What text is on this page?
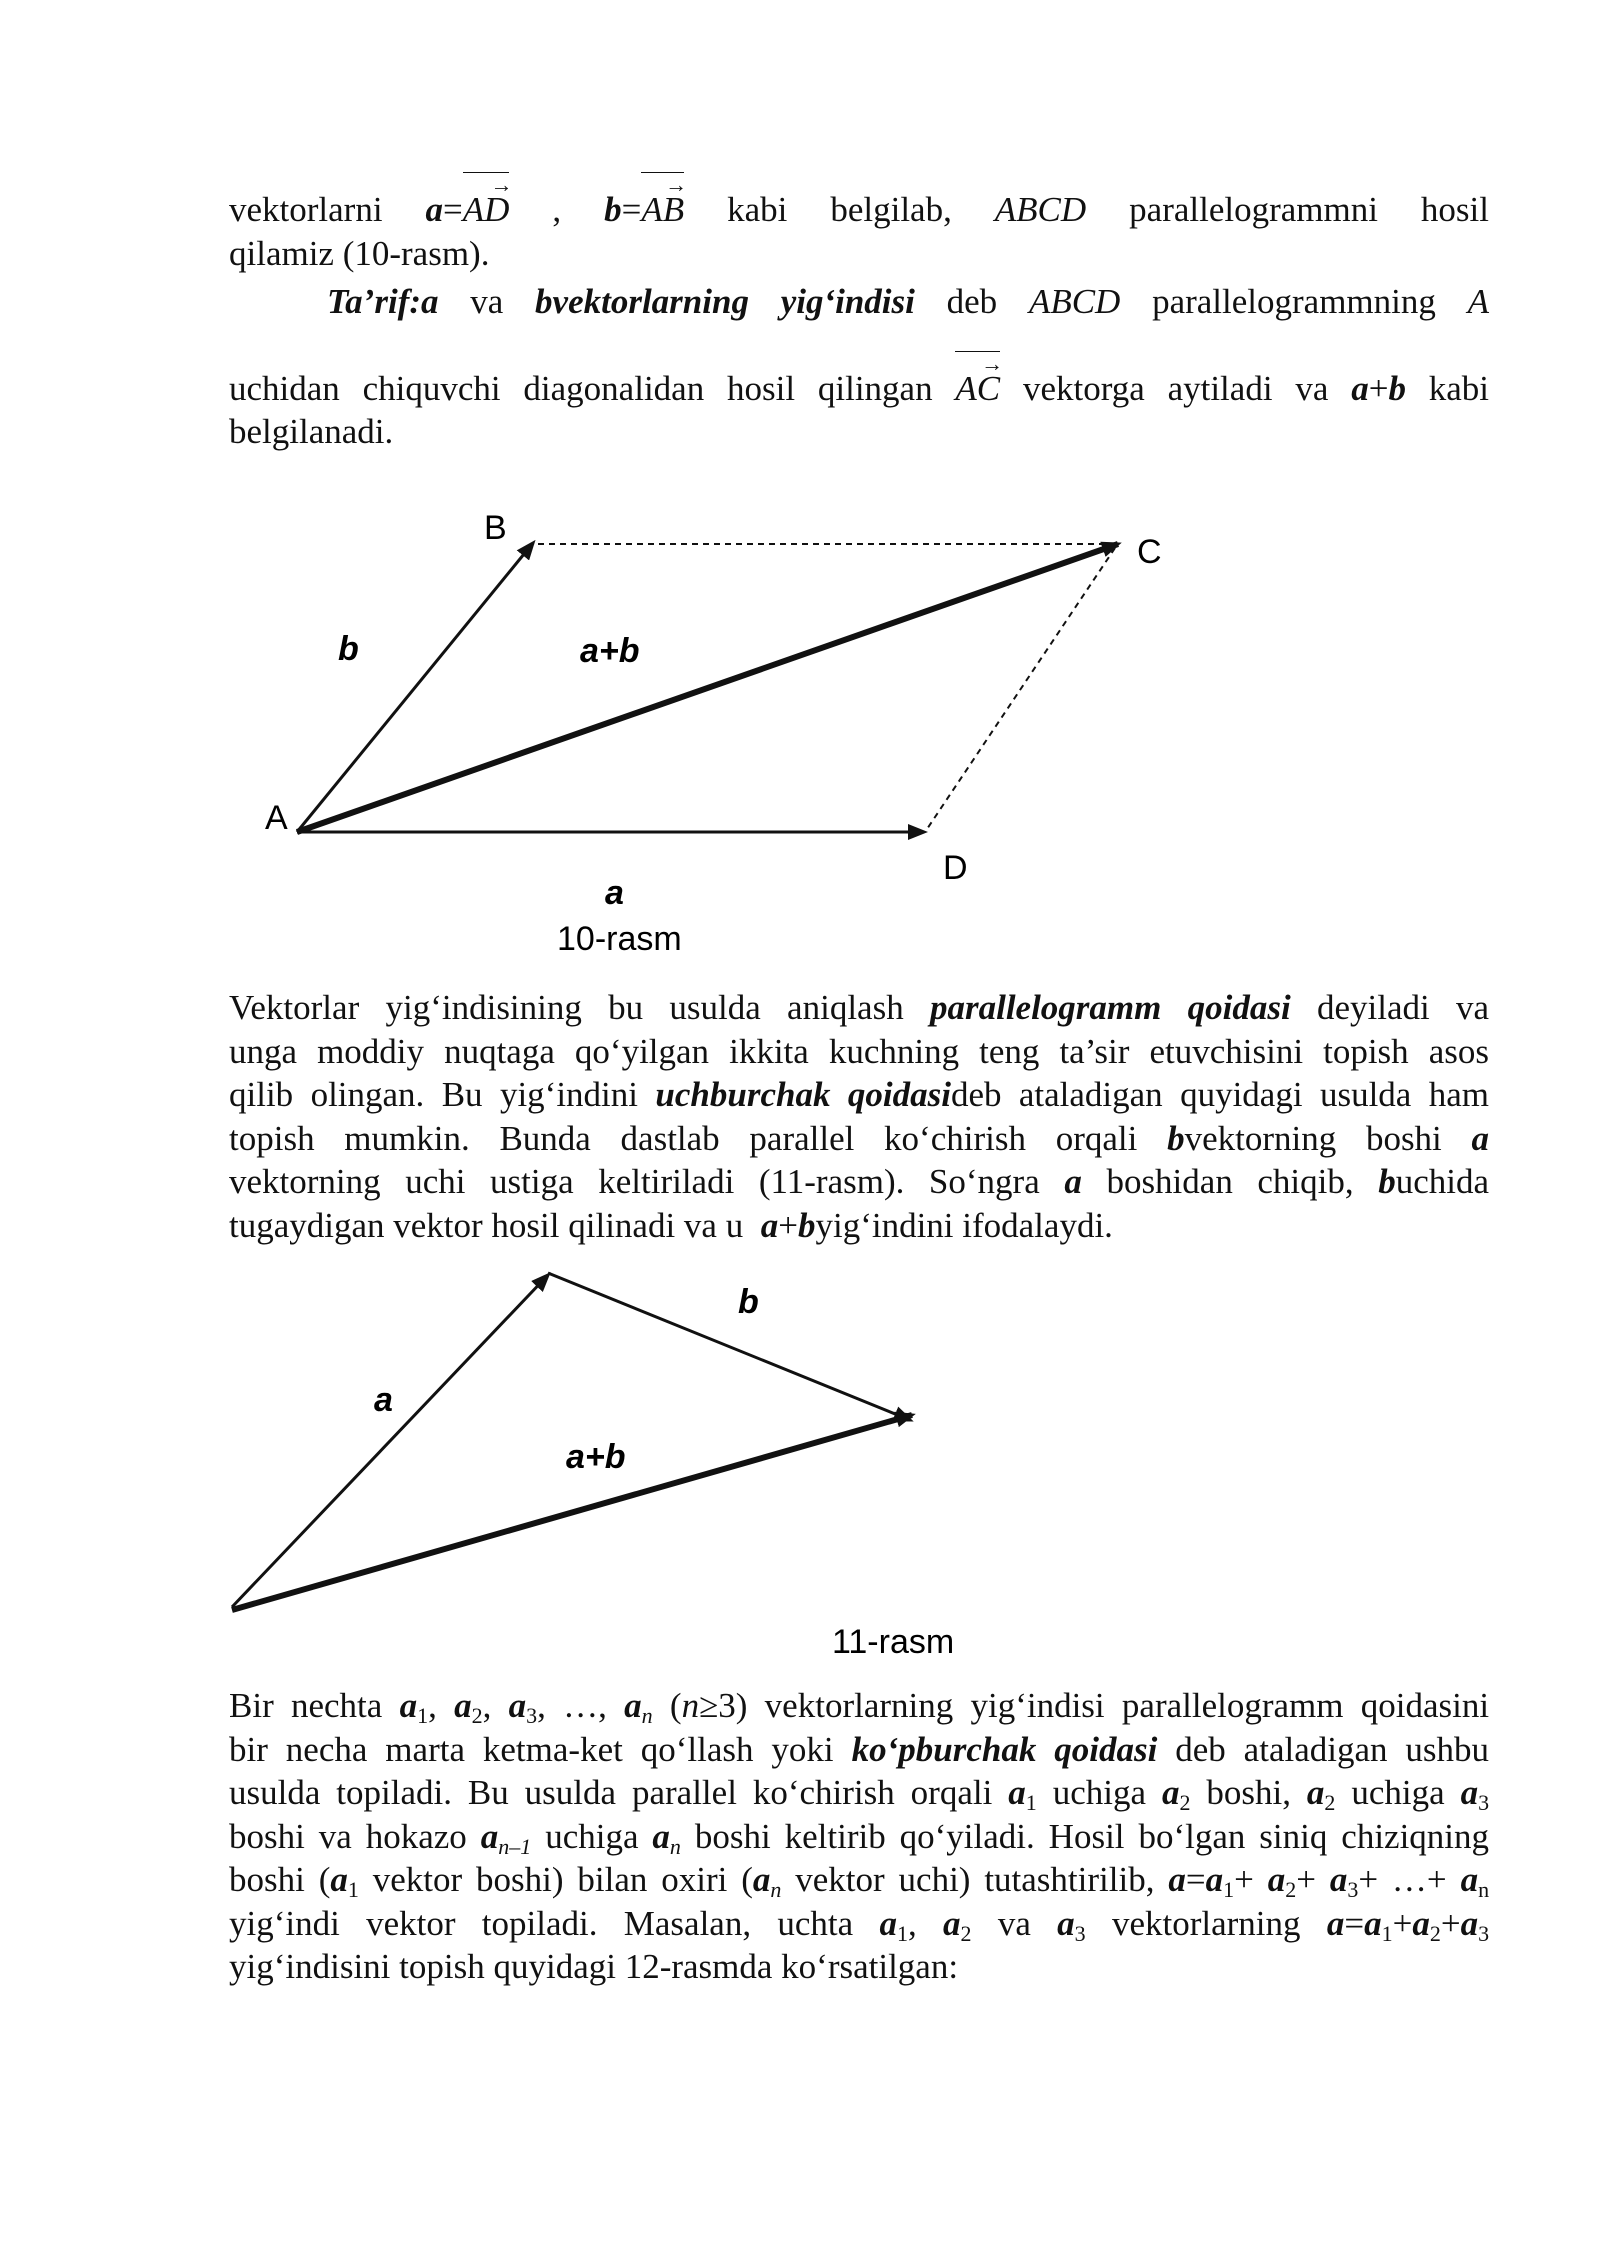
vektorlarni a=
→
AD , b=
→
AB kabi belgilab, ABCD parallelogrammni hosil
qilamiz (10-rasm).
Ta’rif:a va bvektorlarning yig‘indisi deb ABCD parallelogrammning A
uchidan chiquvchi diagonalidan hosil qilingan
→
AC vektorga aytiladi va a+b kabi
belgilanadi.
B
C
A
D
b	a+b
a
10-rasm
Vektorlar yig‘indisining bu usulda aniqlash parallelogramm qoidasi deyiladi va
unga moddiy nuqtaga qo‘yilgan ikkita kuchning teng ta’sir etuvchisini topish asos
qilib olingan. Bu yig‘indini uchburchak qoidasideb ataladigan quyidagi usulda ham
topish mumkin. Bunda dastlab parallel ko‘chirish orqali bvektorning boshi a
vektorning uchi ustiga keltiriladi (11-rasm). So‘ngra a boshidan chiqib, buchida
tugaydigan vektor hosil qilinadi va u a+byig‘indini ifodalaydi.
b
a
a+b
11-rasm
Bir nechta $a_1$, $a_2$, $a_3$, …, $a_n$ (n≥3) vektorlarning yig‘indisi parallelogramm qoidasini
bir necha marta ketma-ket qo‘llash yoki ko‘pburchak qoidasi deb ataladigan ushbu
usulda topiladi. Bu usulda parallel ko‘chirish orqali $a_1$ uchiga $a_2$ boshi, $a_2$ uchiga $a_3$
boshi va hokazo $a_{n-1}$ uchiga $a_n$ boshi keltirib qo‘yiladi. Hosil bo‘lgan siniq chiziqning
boshi ($a_1$ vektor boshi) bilan oxiri ($a_n$ vektor uchi) tutashtirilib, $a=a_1+ a_2+ a_3+$ …+ $a_n$
yig‘indi vektor topiladi. Masalan, uchta $a_1$, $a_2$ va $a_3$ vektorlarning $a=a_1+a_2+a_3$
yig‘indisini topish quyidagi 12-rasmda ko‘rsatilgan:
